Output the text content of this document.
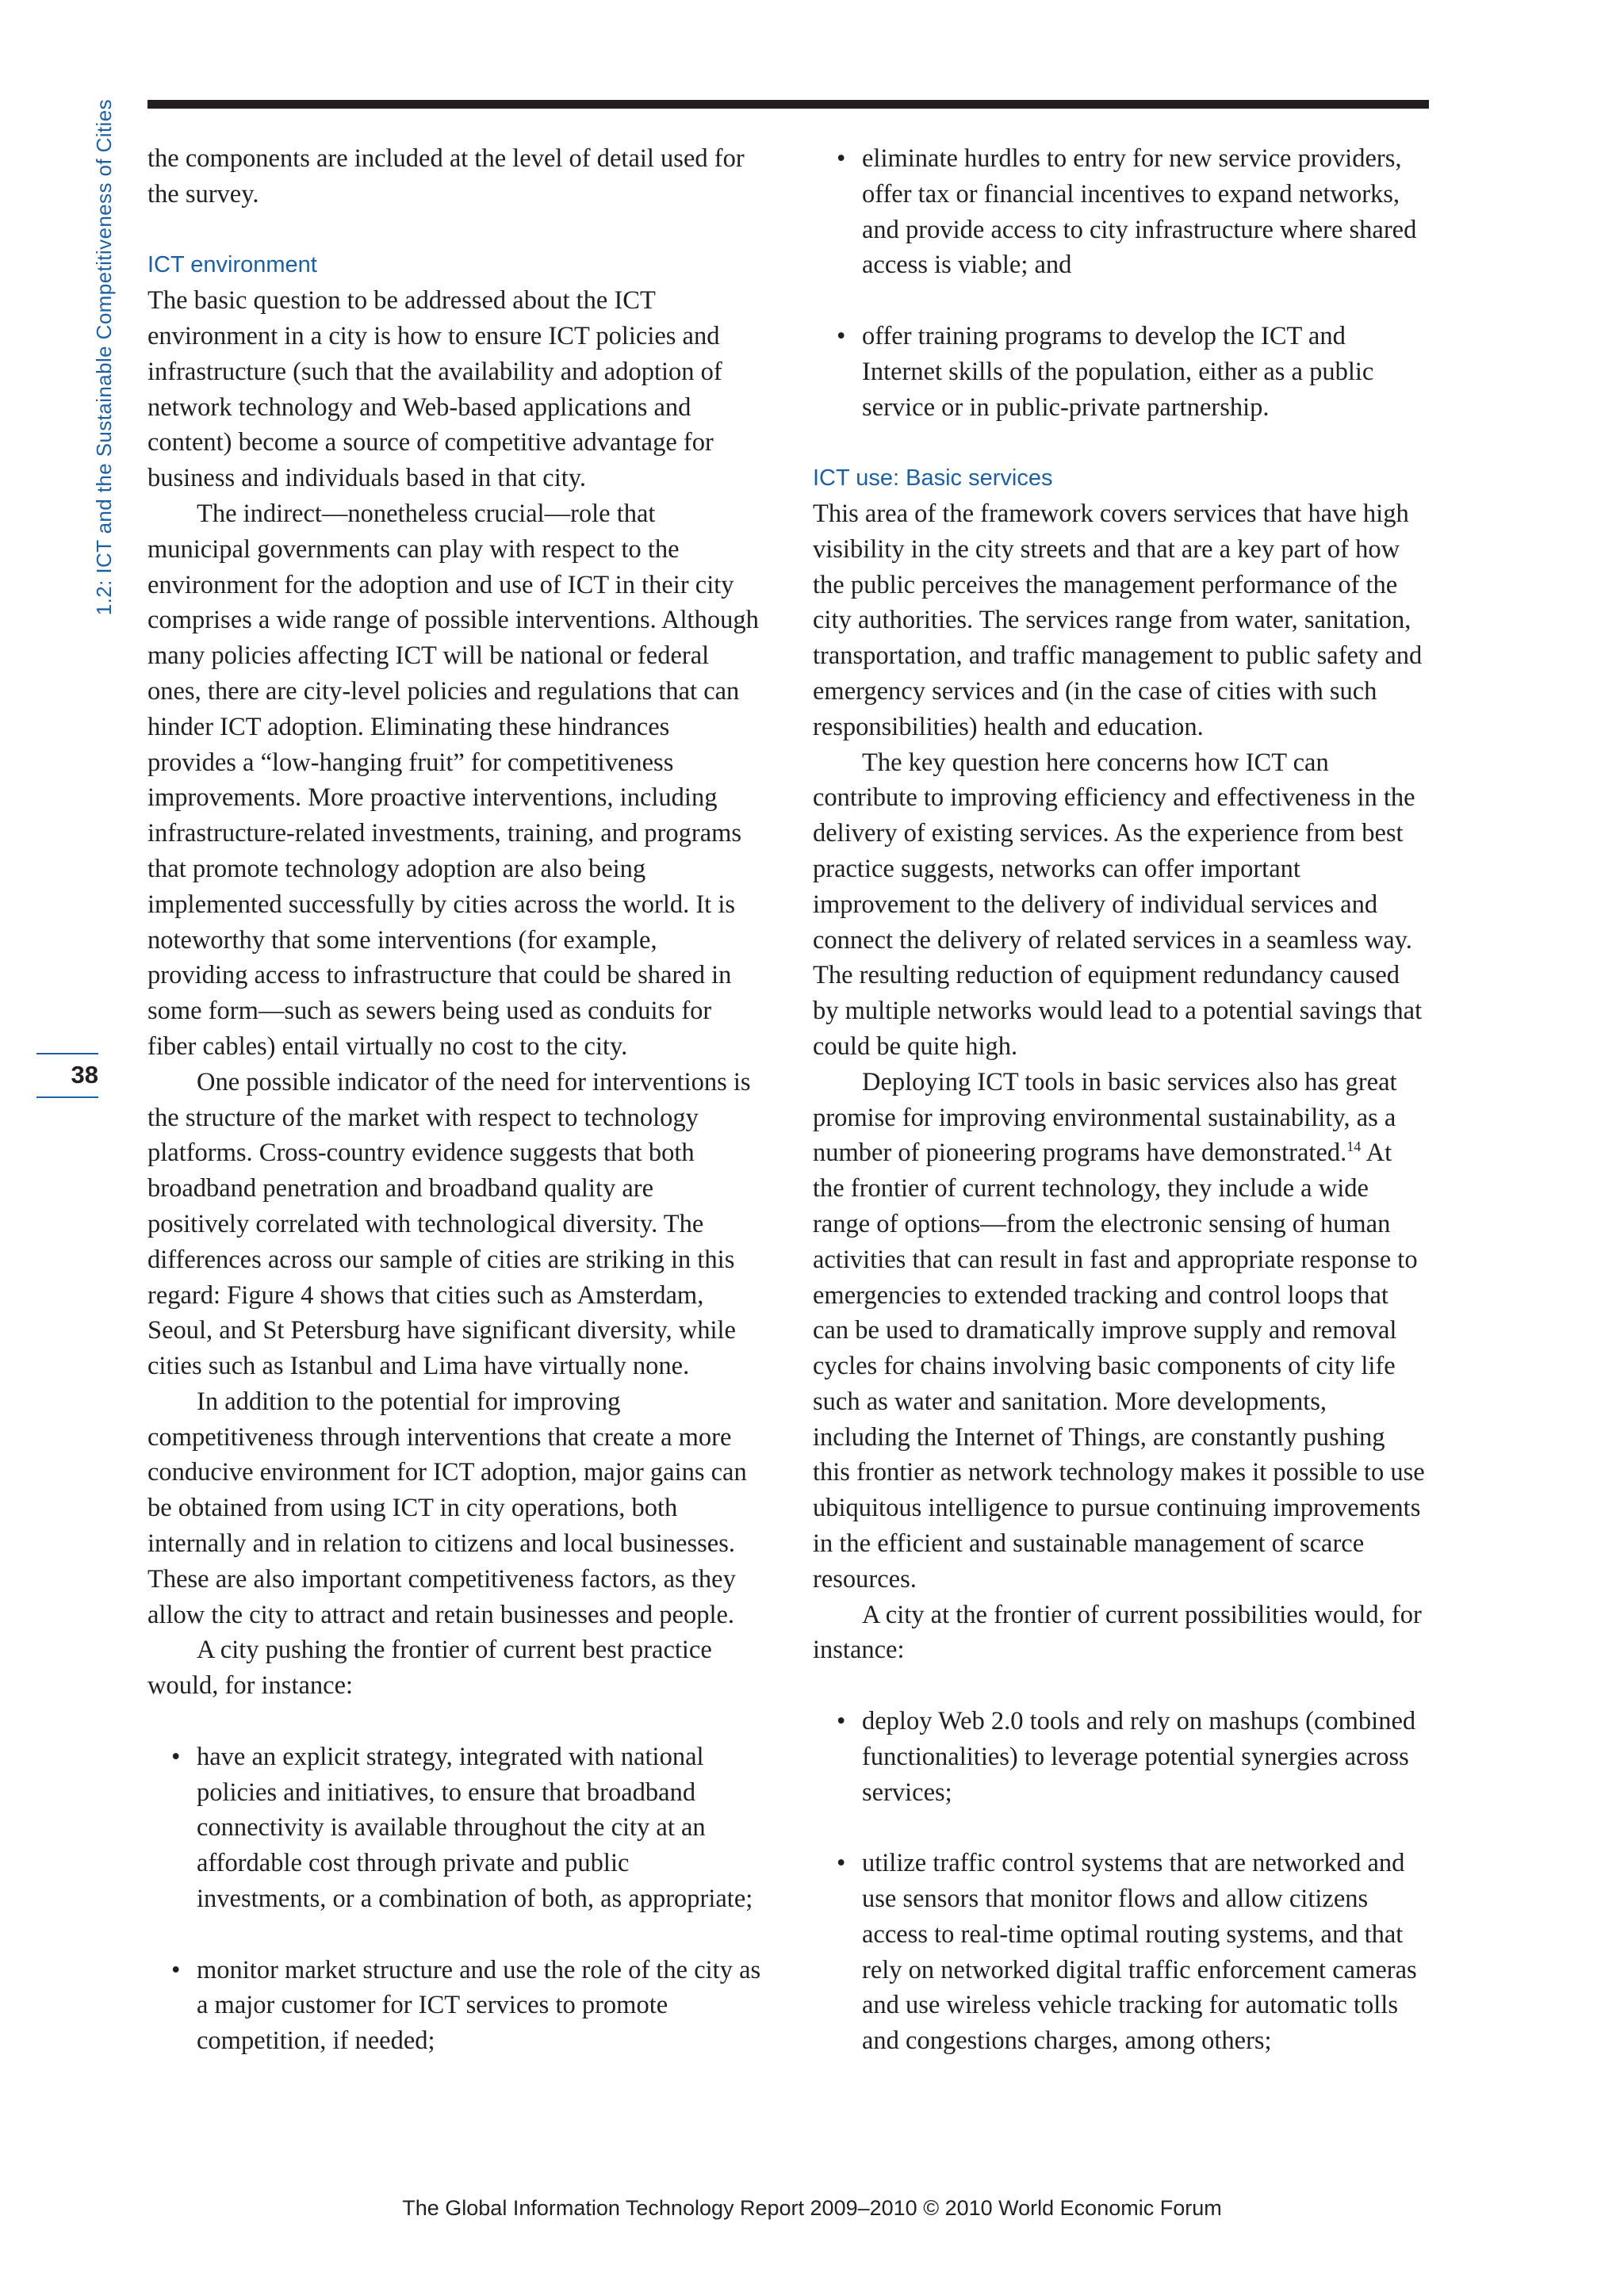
1.2: ICT and the Sustainable Competitiveness of Cities
38

the components are included at the level of detail used for the survey.

ICT environment

The basic question to be addressed about the ICT environment in a city is how to ensure ICT policies and infrastructure (such that the availability and adoption of network technology and Web-based applications and content) become a source of competitive advantage for business and individuals based in that city.

The indirect—nonetheless crucial—role that municipal governments can play with respect to the environment for the adoption and use of ICT in their city comprises a wide range of possible interventions. Although many policies affecting ICT will be national or federal ones, there are city-level policies and regulations that can hinder ICT adoption. Eliminating these hindrances provides a “low-hanging fruit” for competitiveness improvements. More proactive interventions, including infrastructure-related investments, training, and programs that promote technology adoption are also being implemented successfully by cities across the world. It is noteworthy that some interventions (for example, providing access to infrastructure that could be shared in some form—such as sewers being used as conduits for fiber cables) entail virtually no cost to the city.

One possible indicator of the need for interventions is the structure of the market with respect to technology platforms. Cross-country evidence suggests that both broadband penetration and broadband quality are positively correlated with technological diversity. The differences across our sample of cities are striking in this regard: Figure 4 shows that cities such as Amsterdam, Seoul, and St Petersburg have significant diversity, while cities such as Istanbul and Lima have virtually none.

In addition to the potential for improving competitiveness through interventions that create a more conducive environment for ICT adoption, major gains can be obtained from using ICT in city operations, both internally and in relation to citizens and local businesses. These are also important competitiveness factors, as they allow the city to attract and retain businesses and people.

A city pushing the frontier of current best practice would, for instance:

• have an explicit strategy, integrated with national policies and initiatives, to ensure that broadband connectivity is available throughout the city at an affordable cost through private and public investments, or a combination of both, as appropriate;
• monitor market structure and use the role of the city as a major customer for ICT services to promote competition, if needed;
• eliminate hurdles to entry for new service providers, offer tax or financial incentives to expand networks, and provide access to city infrastructure where shared access is viable; and
• offer training programs to develop the ICT and Internet skills of the population, either as a public service or in public-private partnership.
ICT use: Basic services

This area of the framework covers services that have high visibility in the city streets and that are a key part of how the public perceives the management performance of the city authorities. The services range from water, sanitation, transportation, and traffic management to public safety and emergency services and (in the case of cities with such responsibilities) health and education.

The key question here concerns how ICT can contribute to improving efficiency and effectiveness in the delivery of existing services. As the experience from best practice suggests, networks can offer important improvement to the delivery of individual services and connect the delivery of related services in a seamless way. The resulting reduction of equipment redundancy caused by multiple networks would lead to a potential savings that could be quite high.

Deploying ICT tools in basic services also has great promise for improving environmental sustainability, as a number of pioneering programs have demonstrated.$^{14}$ At the frontier of current technology, they include a wide range of options—from the electronic sensing of human activities that can result in fast and appropriate response to emergencies to extended tracking and control loops that can be used to dramatically improve supply and removal cycles for chains involving basic components of city life such as water and sanitation. More developments, including the Internet of Things, are constantly pushing this frontier as network technology makes it possible to use ubiquitous intelligence to pursue continuing improvements in the efficient and sustainable management of scarce resources.

A city at the frontier of current possibilities would, for instance:

• deploy Web 2.0 tools and rely on mashups (combined functionalities) to leverage potential synergies across services;
• utilize traffic control systems that are networked and use sensors that monitor flows and allow citizens access to real-time optimal routing systems, and that rely on networked digital traffic enforcement cameras and use wireless vehicle tracking for automatic tolls and congestions charges, among others;
The Global Information Technology Report 2009–2010 © 2010 World Economic Forum
